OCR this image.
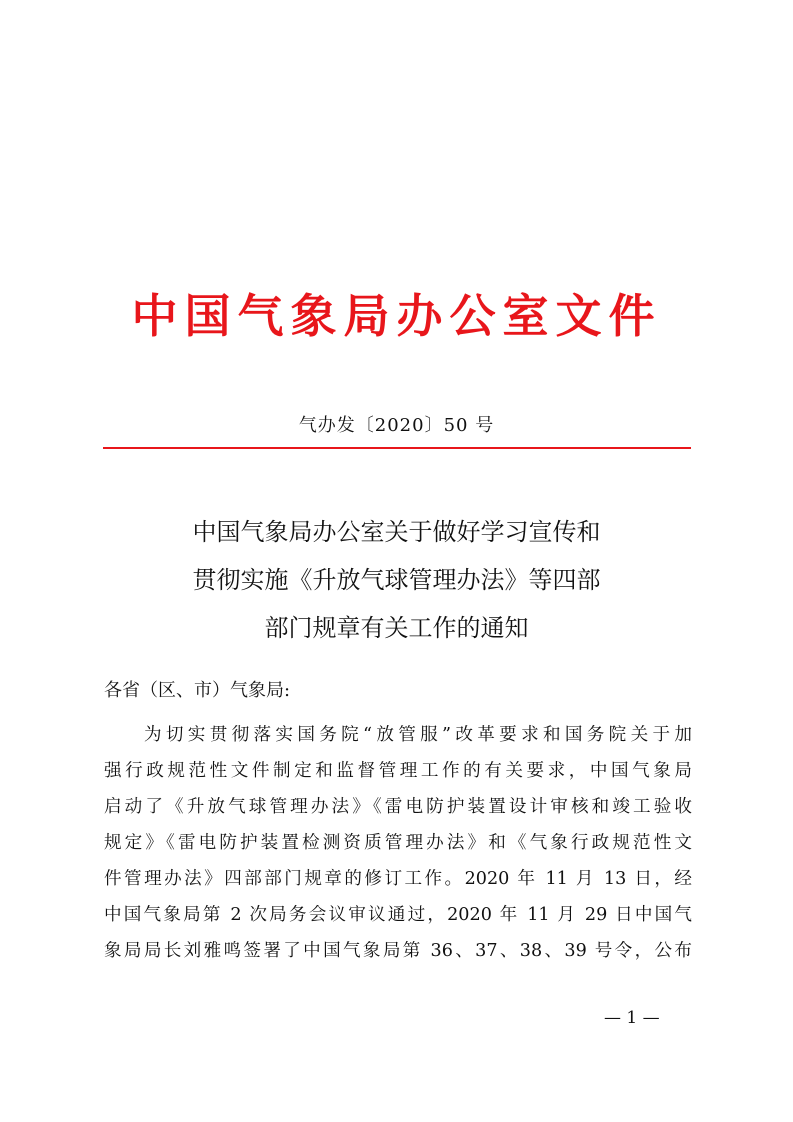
中国气象局办公室文件
气办发〔2020〕50 号
中国气象局办公室关于做好学习宣传和
贯彻实施《升放气球管理办法》等四部
部门规章有关工作的通知
各省（区、市）气象局:
为切实贯彻落实国务院“放管服”改革要求和国务院关于加
强行政规范性文件制定和监督管理工作的有关要求，中国气象局
启动了《升放气球管理办法》《雷电防护装置设计审核和竣工验收
规定》《雷电防护装置检测资质管理办法》和《气象行政规范性文
件管理办法》四部部门规章的修订工作。2020 年 11 月 13 日，经
中国气象局第 2 次局务会议审议通过，2020 年 11 月 29 日中国气
象局局长刘雅鸣签署了中国气象局第 36、37、38、39 号令，公布
— 1 —
